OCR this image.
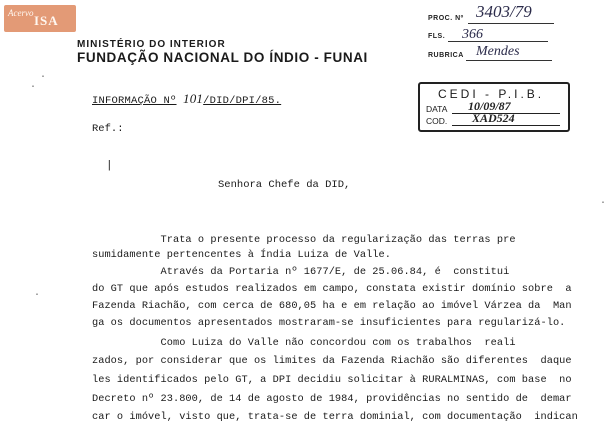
Acervo ISA
MINISTÉRIO DO INTERIOR
FUNDAÇÃO NACIONAL DO ÍNDIO - FUNAI
PROC. Nº 3403/79
FLS. 366
RUBRICA Mendes
CEDI - P.I.B.
DATA 10/09/87
COD. XAD524
INFORMAÇÃO Nº 101/DID/DPI/85.
Ref.:
|
Senhora Chefe da DID,
Trata o presente processo da regularização das terras pre
sumidamente pertencentes à Índia Luiza de Valle.
Através da Portaria nº 1677/E, de 25.06.84, é  constitui
do GT que após estudos realizados em campo, constata existir domínio sobre  a
Fazenda Riachão, com cerca de 680,05 ha e em relação ao imóvel Várzea da  Man
ga os documentos apresentados mostraram-se insuficientes para regularizá-lo.
Como Luiza do Valle não concordou com os trabalhos  reali
zados, por considerar que os limites da Fazenda Riachão são diferentes  daque
les identificados pelo GT, a DPI decidiu solicitar à RURALMINAS, com base  no
Decreto nº 23.800, de 14 de agosto de 1984, providências no sentido de  demar
car o imóvel, visto que, trata-se de terra dominial, com documentação  indican
·
·
·
·
